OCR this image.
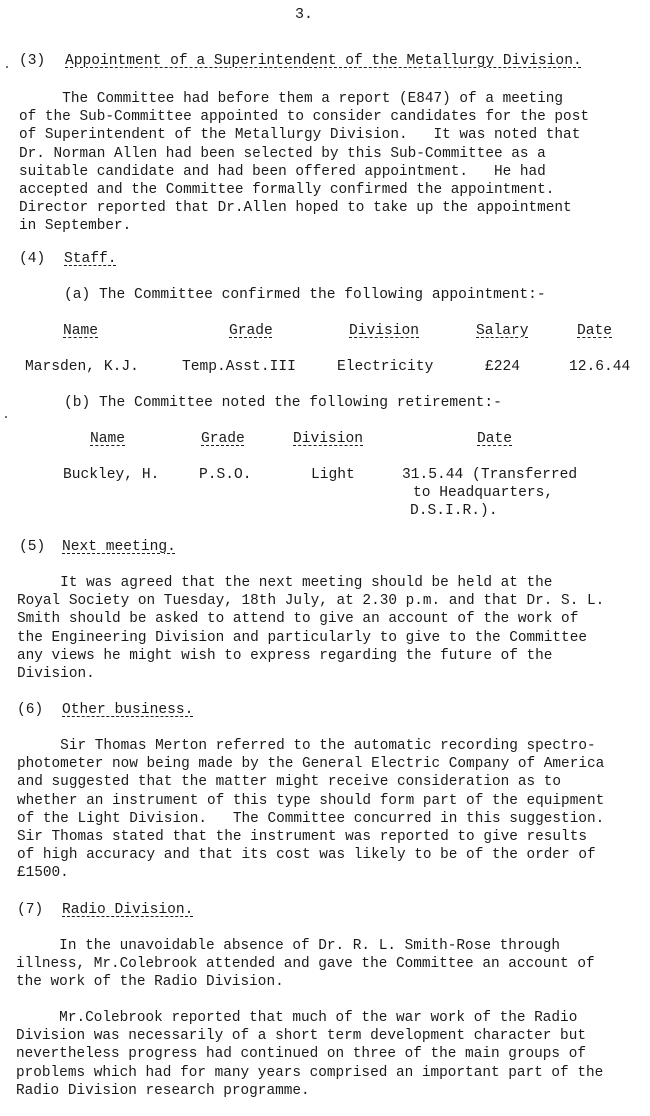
3.
(3) Appointment of a Superintendent of the Metallurgy Division.
The Committee had before them a report (E847) of a meeting
of the Sub-Committee appointed to consider candidates for the post
of Superintendent of the Metallurgy Division.   It was noted that
Dr. Norman Allen had been selected by this Sub-Committee as a
suitable candidate and had been offered appointment.   He had
accepted and the Committee formally confirmed the appointment.
Director reported that Dr.Allen hoped to take up the appointment
in September.
(4) Staff.
(a) The Committee confirmed the following appointment:-
Name	Grade	Division	Salary	Date
Marsden, K.J.	Temp.Asst.III	Electricity	£224	12.6.44
(b) The Committee noted the following retirement:-
Name	Grade	Division	Date
Buckley, H.	P.S.O.	Light	31.5.44 (Transferred
to Headquarters,
D.S.I.R.).
(5) Next meeting.
It was agreed that the next meeting should be held at the
Royal Society on Tuesday, 18th July, at 2.30 p.m. and that Dr. S. L.
Smith should be asked to attend to give an account of the work of
the Engineering Division and particularly to give to the Committee
any views he might wish to express regarding the future of the
Division.
(6) Other business.
Sir Thomas Merton referred to the automatic recording spectro-
photometer now being made by the General Electric Company of America
and suggested that the matter might receive consideration as to
whether an instrument of this type should form part of the equipment
of the Light Division.   The Committee concurred in this suggestion.
Sir Thomas stated that the instrument was reported to give results
of high accuracy and that its cost was likely to be of the order of
£1500.
(7) Radio Division.
In the unavoidable absence of Dr. R. L. Smith-Rose through
illness, Mr.Colebrook attended and gave the Committee an account of
the work of the Radio Division.
Mr.Colebrook reported that much of the war work of the Radio
Division was necessarily of a short term development character but
nevertheless progress had continued on three of the main groups of
problems which had for many years comprised an important part of the
Radio Division research programme.
